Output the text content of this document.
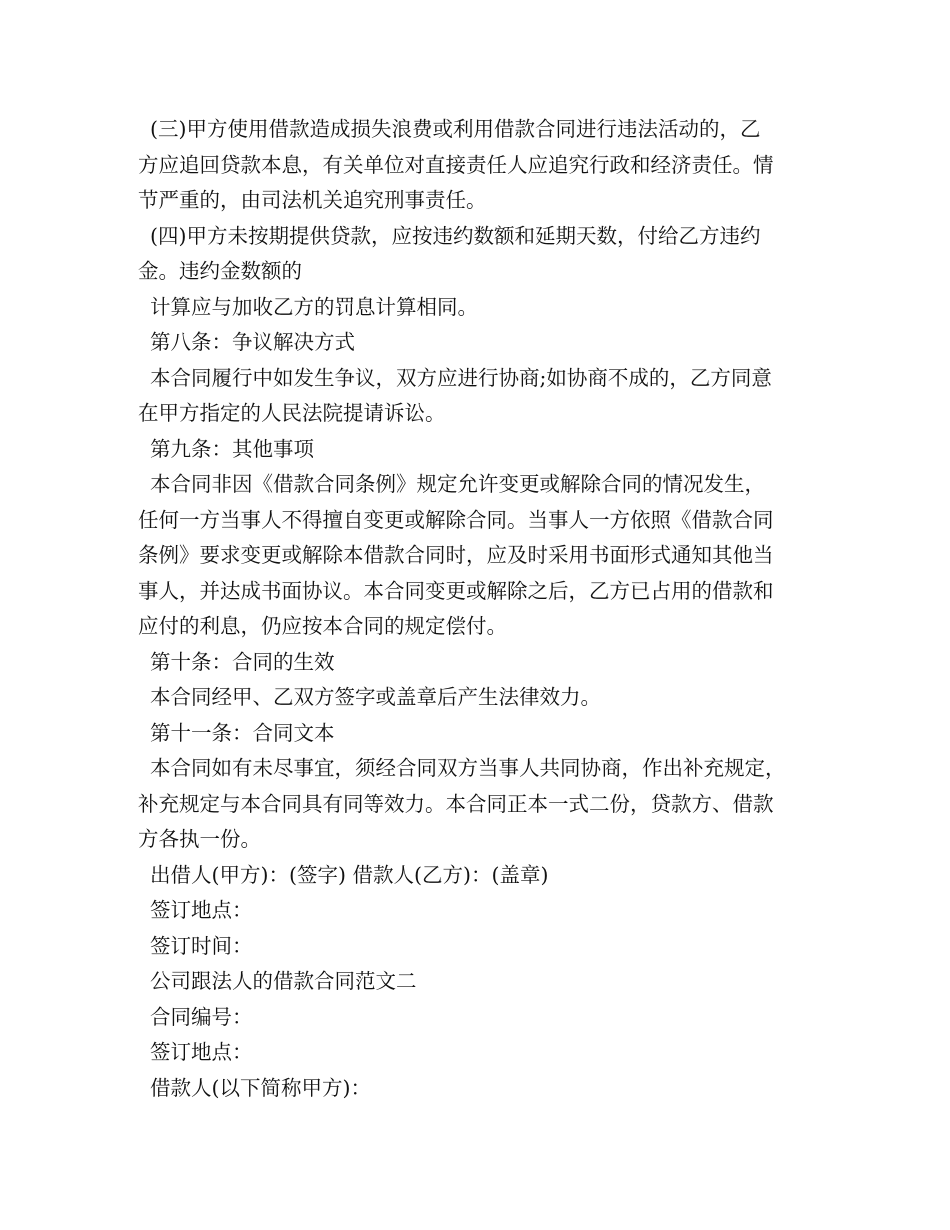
(三)甲方使用借款造成损失浪费或利用借款合同进行违法活动的，乙
方应追回贷款本息，有关单位对直接责任人应追究行政和经济责任。情
节严重的，由司法机关追究刑事责任。
(四)甲方未按期提供贷款，应按违约数额和延期天数，付给乙方违约
金。违约金数额的
计算应与加收乙方的罚息计算相同。
第八条：争议解决方式
本合同履行中如发生争议，双方应进行协商;如协商不成的，乙方同意
在甲方指定的人民法院提请诉讼。
第九条：其他事项
本合同非因《借款合同条例》规定允许变更或解除合同的情况发生，
任何一方当事人不得擅自变更或解除合同。当事人一方依照《借款合同
条例》要求变更或解除本借款合同时，应及时采用书面形式通知其他当
事人，并达成书面协议。本合同变更或解除之后，乙方已占用的借款和
应付的利息，仍应按本合同的规定偿付。
第十条：合同的生效
本合同经甲、乙双方签字或盖章后产生法律效力。
第十一条：合同文本
本合同如有未尽事宜，须经合同双方当事人共同协商，作出补充规定，
补充规定与本合同具有同等效力。本合同正本一式二份，贷款方、借款
方各执一份。
出借人(甲方)：(签字) 借款人(乙方)：(盖章)
签订地点：
签订时间：
公司跟法人的借款合同范文二
合同编号：
签订地点：
借款人(以下简称甲方)：
